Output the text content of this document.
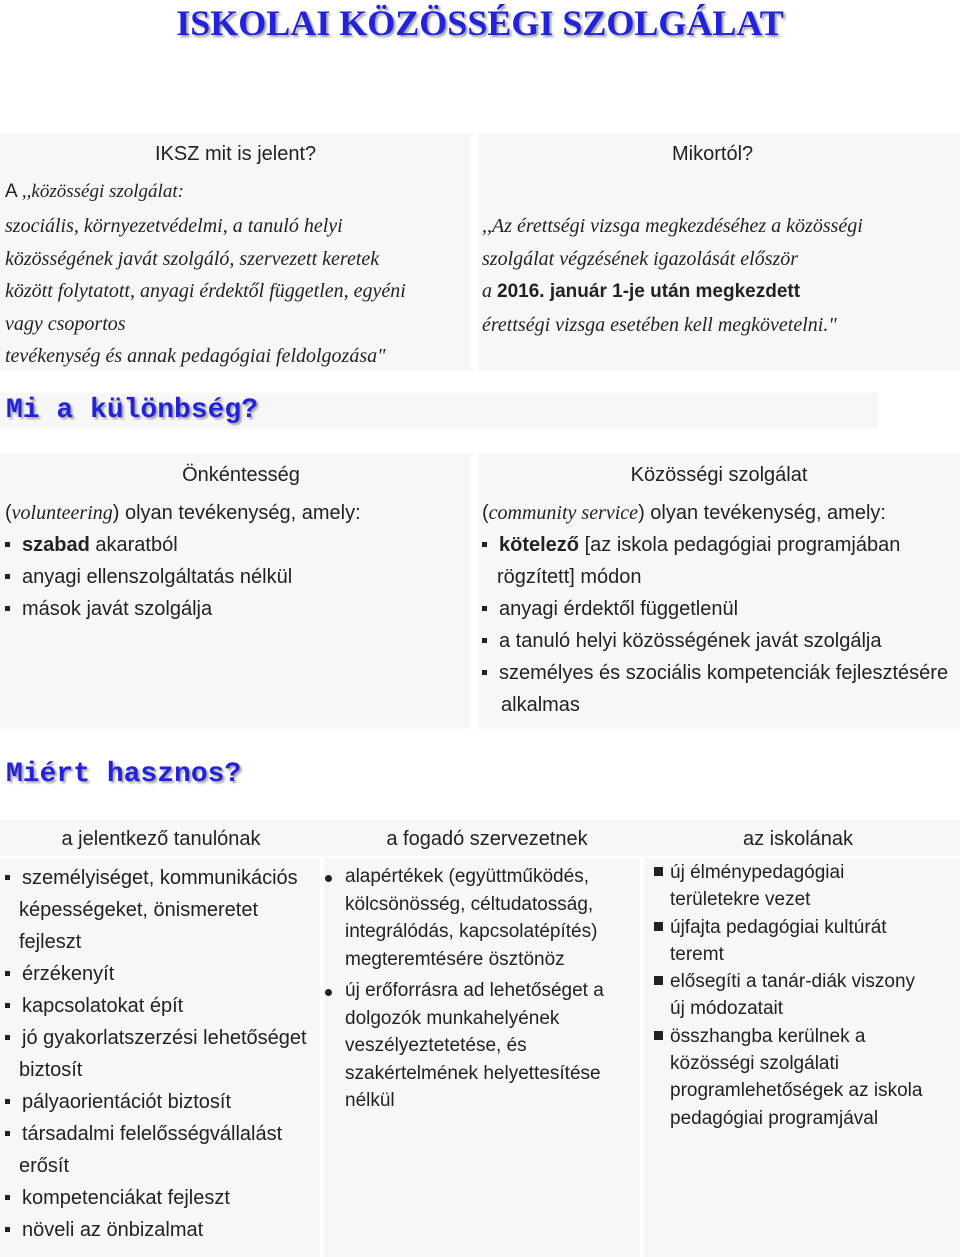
ISKOLAI KÖZÖSSÉGI SZOLGÁLAT
IKSZ mit is jelent?
A ,,közösségi szolgálat:
szociális, környezetvédelmi, a tanuló helyi
közösségének javát szolgáló, szervezett keretek
között folytatott, anyagi érdektől független, egyéni
vagy csoportos
tevékenység és annak pedagógiai feldolgozása"
Mikortól?
,,Az érettségi vizsga megkezdéséhez a közösségi
szolgálat végzésének igazolását először
a 2016. január 1-je után megkezdett
érettségi vizsga esetében kell megkövetelni."
Mi a különbség?
Önkéntesség
(volunteering) olyan tevékenység, amely:
szabad akaratból
anyagi ellenszolgáltatás nélkül
mások javát szolgálja
Közösségi szolgálat
(community service) olyan tevékenység, amely:
kötelező [az iskola pedagógiai programjában
rögzített] módon
anyagi érdektől függetlenül
a tanuló helyi közösségének javát szolgálja
személyes és szociális kompetenciák fejlesztésére
alkalmas
Miért hasznos?
a jelentkező tanulónak	a fogadó szervezetnek	az iskolának
személyiséget, kommunikációs
képességeket, önismeretet
fejleszt
érzékenyít
kapcsolatokat épít
jó gyakorlatszerzési lehetőséget
biztosít
pályaorientációt biztosít
társadalmi felelősségvállalást
erősít
kompetenciákat fejleszt
növeli az önbizalmat
alapértékek (együttműködés,
kölcsönösség, céltudatosság,
integrálódás, kapcsolatépítés)
megteremtésére ösztönöz
új erőforrásra ad lehetőséget a
dolgozók munkahelyének
veszélyeztetetése, és
szakértelmének helyettesítése
nélkül
új élménypedagógiai
területekre vezet
újfajta pedagógiai kultúrát
teremt
elősegíti a tanár-diák viszony
új módozatait
összhangba kerülnek a
közösségi szolgálati
programlehetőségek az iskola
pedagógiai programjával
